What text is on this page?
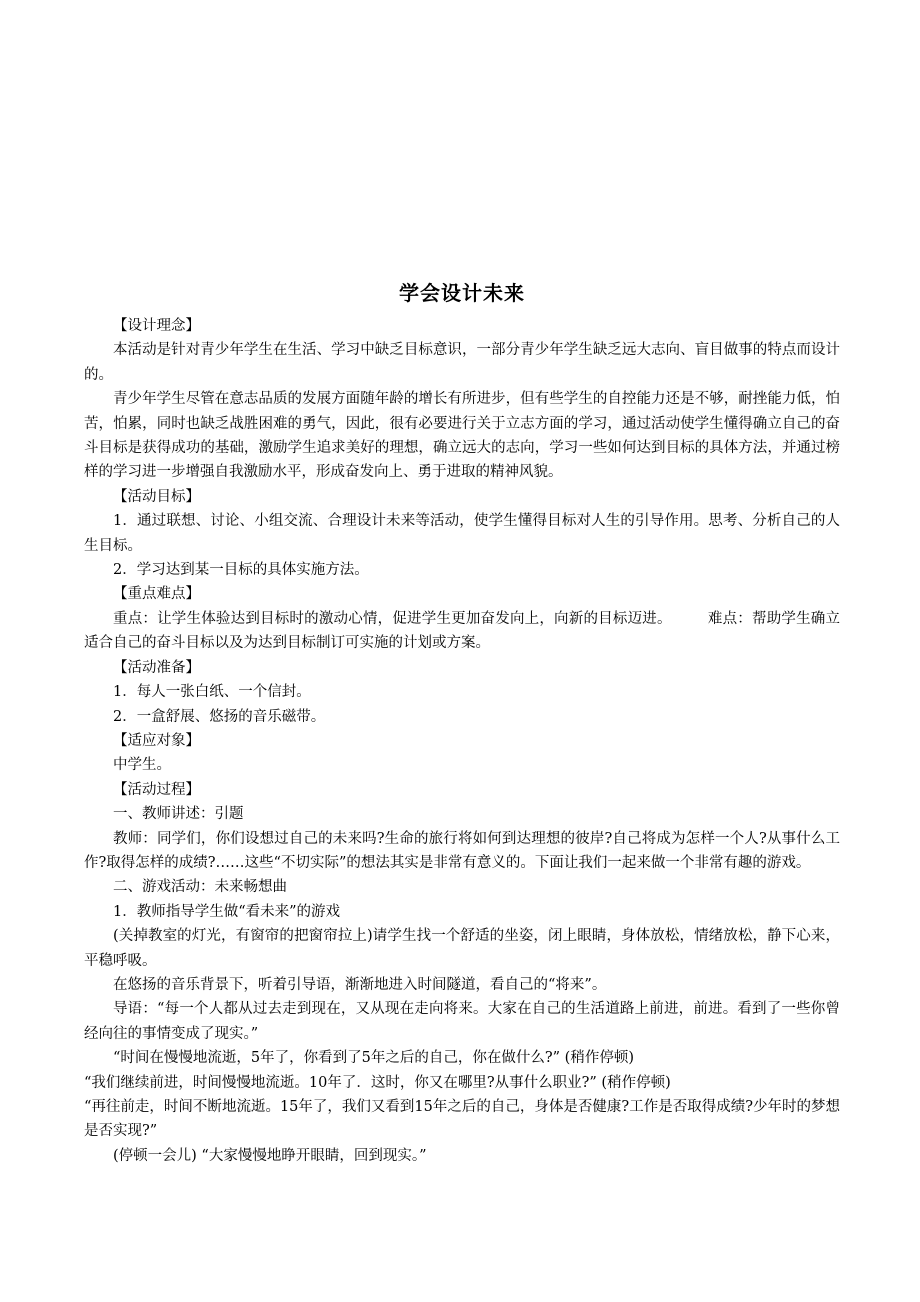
学会设计未来

【设计理念】

本活动是针对青少年学生在生活、学习中缺乏目标意识，一部分青少年学生缺乏远大志向、盲目做事的特点而设计的。

青少年学生尽管在意志品质的发展方面随年龄的增长有所进步，但有些学生的自控能力还是不够，耐挫能力低，怕苦，怕累，同时也缺乏战胜困难的勇气，因此，很有必要进行关于立志方面的学习，通过活动使学生懂得确立自己的奋斗目标是获得成功的基础，激励学生追求美好的理想，确立远大的志向，学习一些如何达到目标的具体方法，并通过榜样的学习进一步增强自我激励水平，形成奋发向上、勇于进取的精神风貌。

【活动目标】

1．通过联想、讨论、小组交流、合理设计未来等活动，使学生懂得目标对人生的引导作用。思考、分析自己的人生目标。

2．学习达到某一目标的具体实施方法。

【重点难点】

重点：让学生体验达到目标时的激动心情，促进学生更加奋发向上，向新的目标迈进。 难点：帮助学生确立适合自己的奋斗目标以及为达到目标制订可实施的计划或方案。

【活动准备】

1．每人一张白纸、一个信封。

2．一盒舒展、悠扬的音乐磁带。

【适应对象】

中学生。

【活动过程】

一、教师讲述：引题

教师：同学们，你们设想过自己的未来吗?生命的旅行将如何到达理想的彼岸?自己将成为怎样一个人?从事什么工作?取得怎样的成绩?……这些“不切实际”的想法其实是非常有意义的。下面让我们一起来做一个非常有趣的游戏。

二、游戏活动：未来畅想曲

1．教师指导学生做“看未来”的游戏

(关掉教室的灯光，有窗帘的把窗帘拉上)请学生找一个舒适的坐姿，闭上眼睛，身体放松，情绪放松，静下心来，平稳呼吸。

在悠扬的音乐背景下，听着引导语，渐渐地进入时间隧道，看自己的“将来”。

导语：“每一个人都从过去走到现在，又从现在走向将来。大家在自己的生活道路上前进，前进。看到了一些你曾经向往的事情变成了现实。”

“时间在慢慢地流逝，5年了，你看到了5年之后的自己，你在做什么?” (稍作停顿)

“我们继续前进，时间慢慢地流逝。10年了．这时，你又在哪里?从事什么职业?” (稍作停顿)

“再往前走，时间不断地流逝。15年了，我们又看到15年之后的自己，身体是否健康?工作是否取得成绩?少年时的梦想是否实现?”

(停顿一会儿) “大家慢慢地睁开眼睛，回到现实。”
